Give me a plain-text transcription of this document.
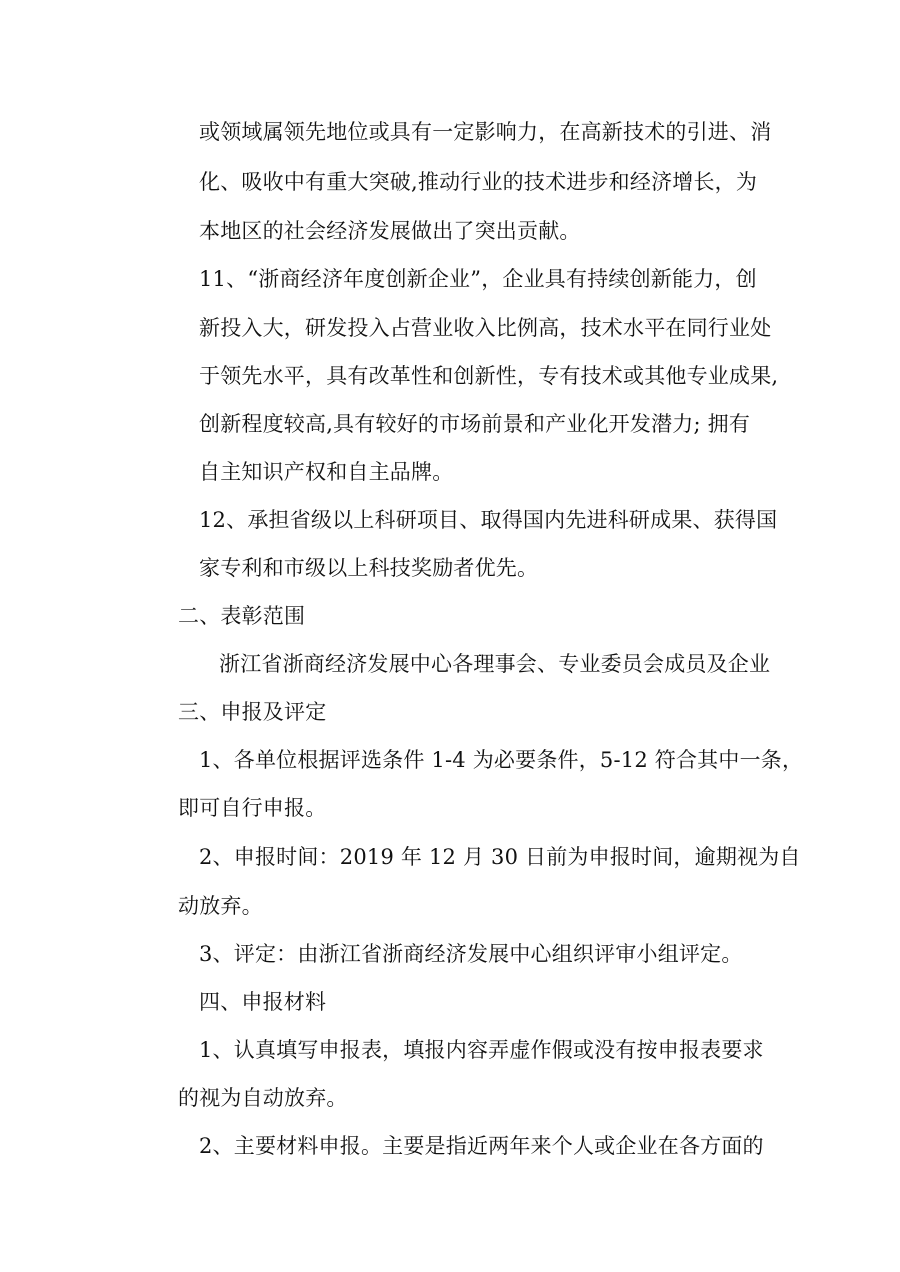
或领域属领先地位或具有一定影响力，在高新技术的引进、消
化、吸收中有重大突破,推动行业的技术进步和经济增长，为
本地区的社会经济发展做出了突出贡献。
11、“浙商经济年度创新企业”，企业具有持续创新能力，创
新投入大，研发投入占营业收入比例高，技术水平在同行业处
于领先水平，具有改革性和创新性，专有技术或其他专业成果,
创新程度较高,具有较好的市场前景和产业化开发潜力; 拥有
自主知识产权和自主品牌。
12、承担省级以上科研项目、取得国内先进科研成果、获得国
家专利和市级以上科技奖励者优先。
二、表彰范围
浙江省浙商经济发展中心各理事会、专业委员会成员及企业
三、申报及评定
1、各单位根据评选条件 1-4 为必要条件，5-12 符合其中一条，
即可自行申报。
2、申报时间：2019 年 12 月 30 日前为申报时间，逾期视为自
动放弃。
3、评定：由浙江省浙商经济发展中心组织评审小组评定。
四、申报材料
1、认真填写申报表，填报内容弄虚作假或没有按申报表要求
的视为自动放弃。
2、主要材料申报。主要是指近两年来个人或企业在各方面的
